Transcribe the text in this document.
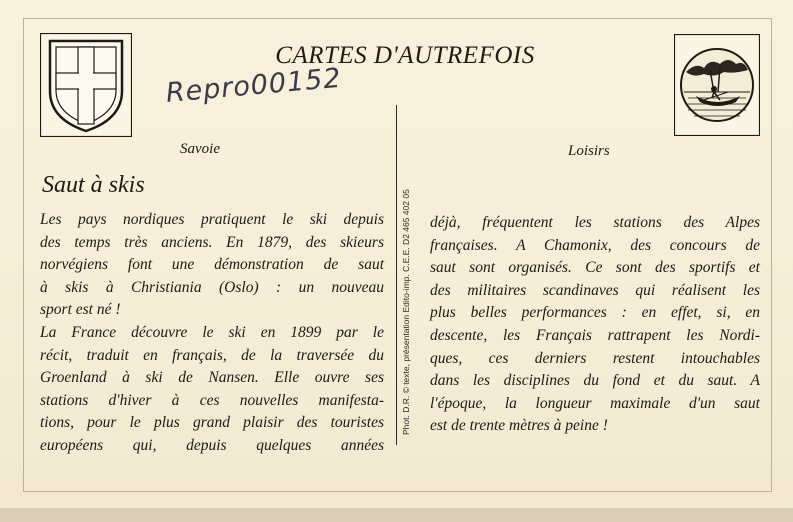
CARTES D'AUTREFOIS
Repro00152
Savoie	Loisirs
Saut à skis
Phot. D.R. © texte, présentation Edito-imp. C.E.E. D2 465 402 05
Les pays nordiques pratiquent le ski depuis
des temps très anciens. En 1879, des skieurs
norvégiens font une démonstration de saut
à skis à Christiania (Oslo) : un nouveau
sport est né !
La France découvre le ski en 1899 par le
récit, traduit en français, de la traversée du
Groenland à ski de Nansen. Elle ouvre ses
stations d'hiver à ces nouvelles manifesta-
tions, pour le plus grand plaisir des touristes
européens qui, depuis quelques années
déjà, fréquentent les stations des Alpes
françaises. A Chamonix, des concours de
saut sont organisés. Ce sont des sportifs et
des militaires scandinaves qui réalisent les
plus belles performances : en effet, si, en
descente, les Français rattrapent les Nordi-
ques, ces derniers restent intouchables
dans les disciplines du fond et du saut. A
l'époque, la longueur maximale d'un saut
est de trente mètres à peine !
